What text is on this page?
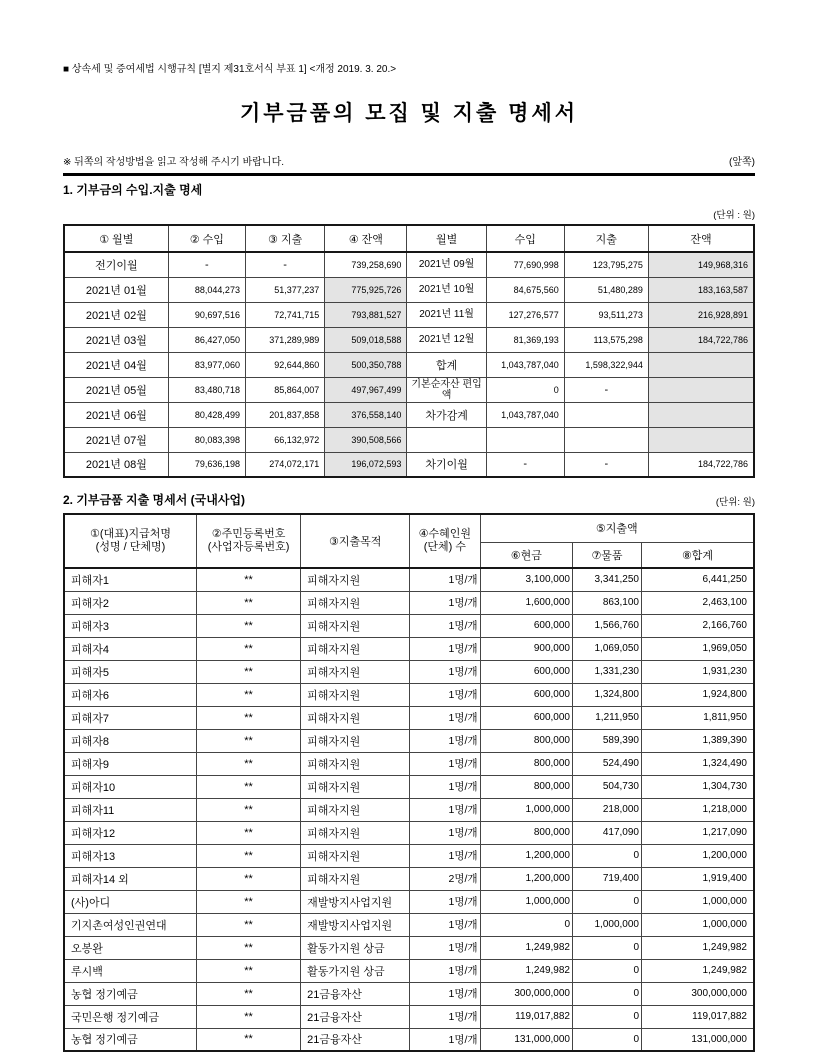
■ 상속세 및 증여세법 시행규칙 [별지 제31호서식 부표 1] <개정 2019. 3. 20.>
기부금품의 모집 및 지출 명세서
※ 뒤쪽의 작성방법을 읽고 작성해 주시기 바랍니다.	(앞쪽)
1. 기부금의 수입.지출 명세
(단위 : 원)
① 월별	② 수입	③ 지출	④ 잔액	월별	수입	지출	잔액
전기이월	-	-	739,258,690	2021년 09월	77,690,998	123,795,275	149,968,316
2021년 01월	88,044,273	51,377,237	775,925,726	2021년 10월	84,675,560	51,480,289	183,163,587
2021년 02월	90,697,516	72,741,715	793,881,527	2021년 11월	127,276,577	93,511,273	216,928,891
2021년 03월	86,427,050	371,289,989	509,018,588	2021년 12월	81,369,193	113,575,298	184,722,786
2021년 04월	83,977,060	92,644,860	500,350,788	합계	1,043,787,040	1,598,322,944	
2021년 05월	83,480,718	85,864,007	497,967,499	기본순자산 편입액	0	-	
2021년 06월	80,428,499	201,837,858	376,558,140	차가감계	1,043,787,040		
2021년 07월	80,083,398	66,132,972	390,508,566				
2021년 08월	79,636,198	274,072,171	196,072,593	차기이월	-	-	184,722,786
2. 기부금품 지출 명세서 (국내사업)	(단위: 원)
①(대표)지급처명
(성명 / 단체명)	②주민등록번호
(사업자등록번호)	③지출목적	④수혜인원
(단체) 수	⑤지출액		
				⑥현금	⑦물품	⑧합계
피해자1	**	피해자지원	1명/개	3,100,000	3,341,250	6,441,250
피해자2	**	피해자지원	1명/개	1,600,000	863,100	2,463,100
피해자3	**	피해자지원	1명/개	600,000	1,566,760	2,166,760
피해자4	**	피해자지원	1명/개	900,000	1,069,050	1,969,050
피해자5	**	피해자지원	1명/개	600,000	1,331,230	1,931,230
피해자6	**	피해자지원	1명/개	600,000	1,324,800	1,924,800
피해자7	**	피해자지원	1명/개	600,000	1,211,950	1,811,950
피해자8	**	피해자지원	1명/개	800,000	589,390	1,389,390
피해자9	**	피해자지원	1명/개	800,000	524,490	1,324,490
피해자10	**	피해자지원	1명/개	800,000	504,730	1,304,730
피해자11	**	피해자지원	1명/개	1,000,000	218,000	1,218,000
피해자12	**	피해자지원	1명/개	800,000	417,090	1,217,090
피해자13	**	피해자지원	1명/개	1,200,000	0	1,200,000
피해자14 외	**	피해자지원	2명/개	1,200,000	719,400	1,919,400
(사)아디	**	재발방지사업지원	1명/개	1,000,000	0	1,000,000
기지촌여성인권연대	**	재발방지사업지원	1명/개	0	1,000,000	1,000,000
오봉완	**	활동가지원 상금	1명/개	1,249,982	0	1,249,982
루시백	**	활동가지원 상금	1명/개	1,249,982	0	1,249,982
농협 정기예금	**	21금융자산	1명/개	300,000,000	0	300,000,000
국민은행 정기예금	**	21금융자산	1명/개	119,017,882	0	119,017,882
농협 정기예금	**	21금융자산	1명/개	131,000,000	0	131,000,000
